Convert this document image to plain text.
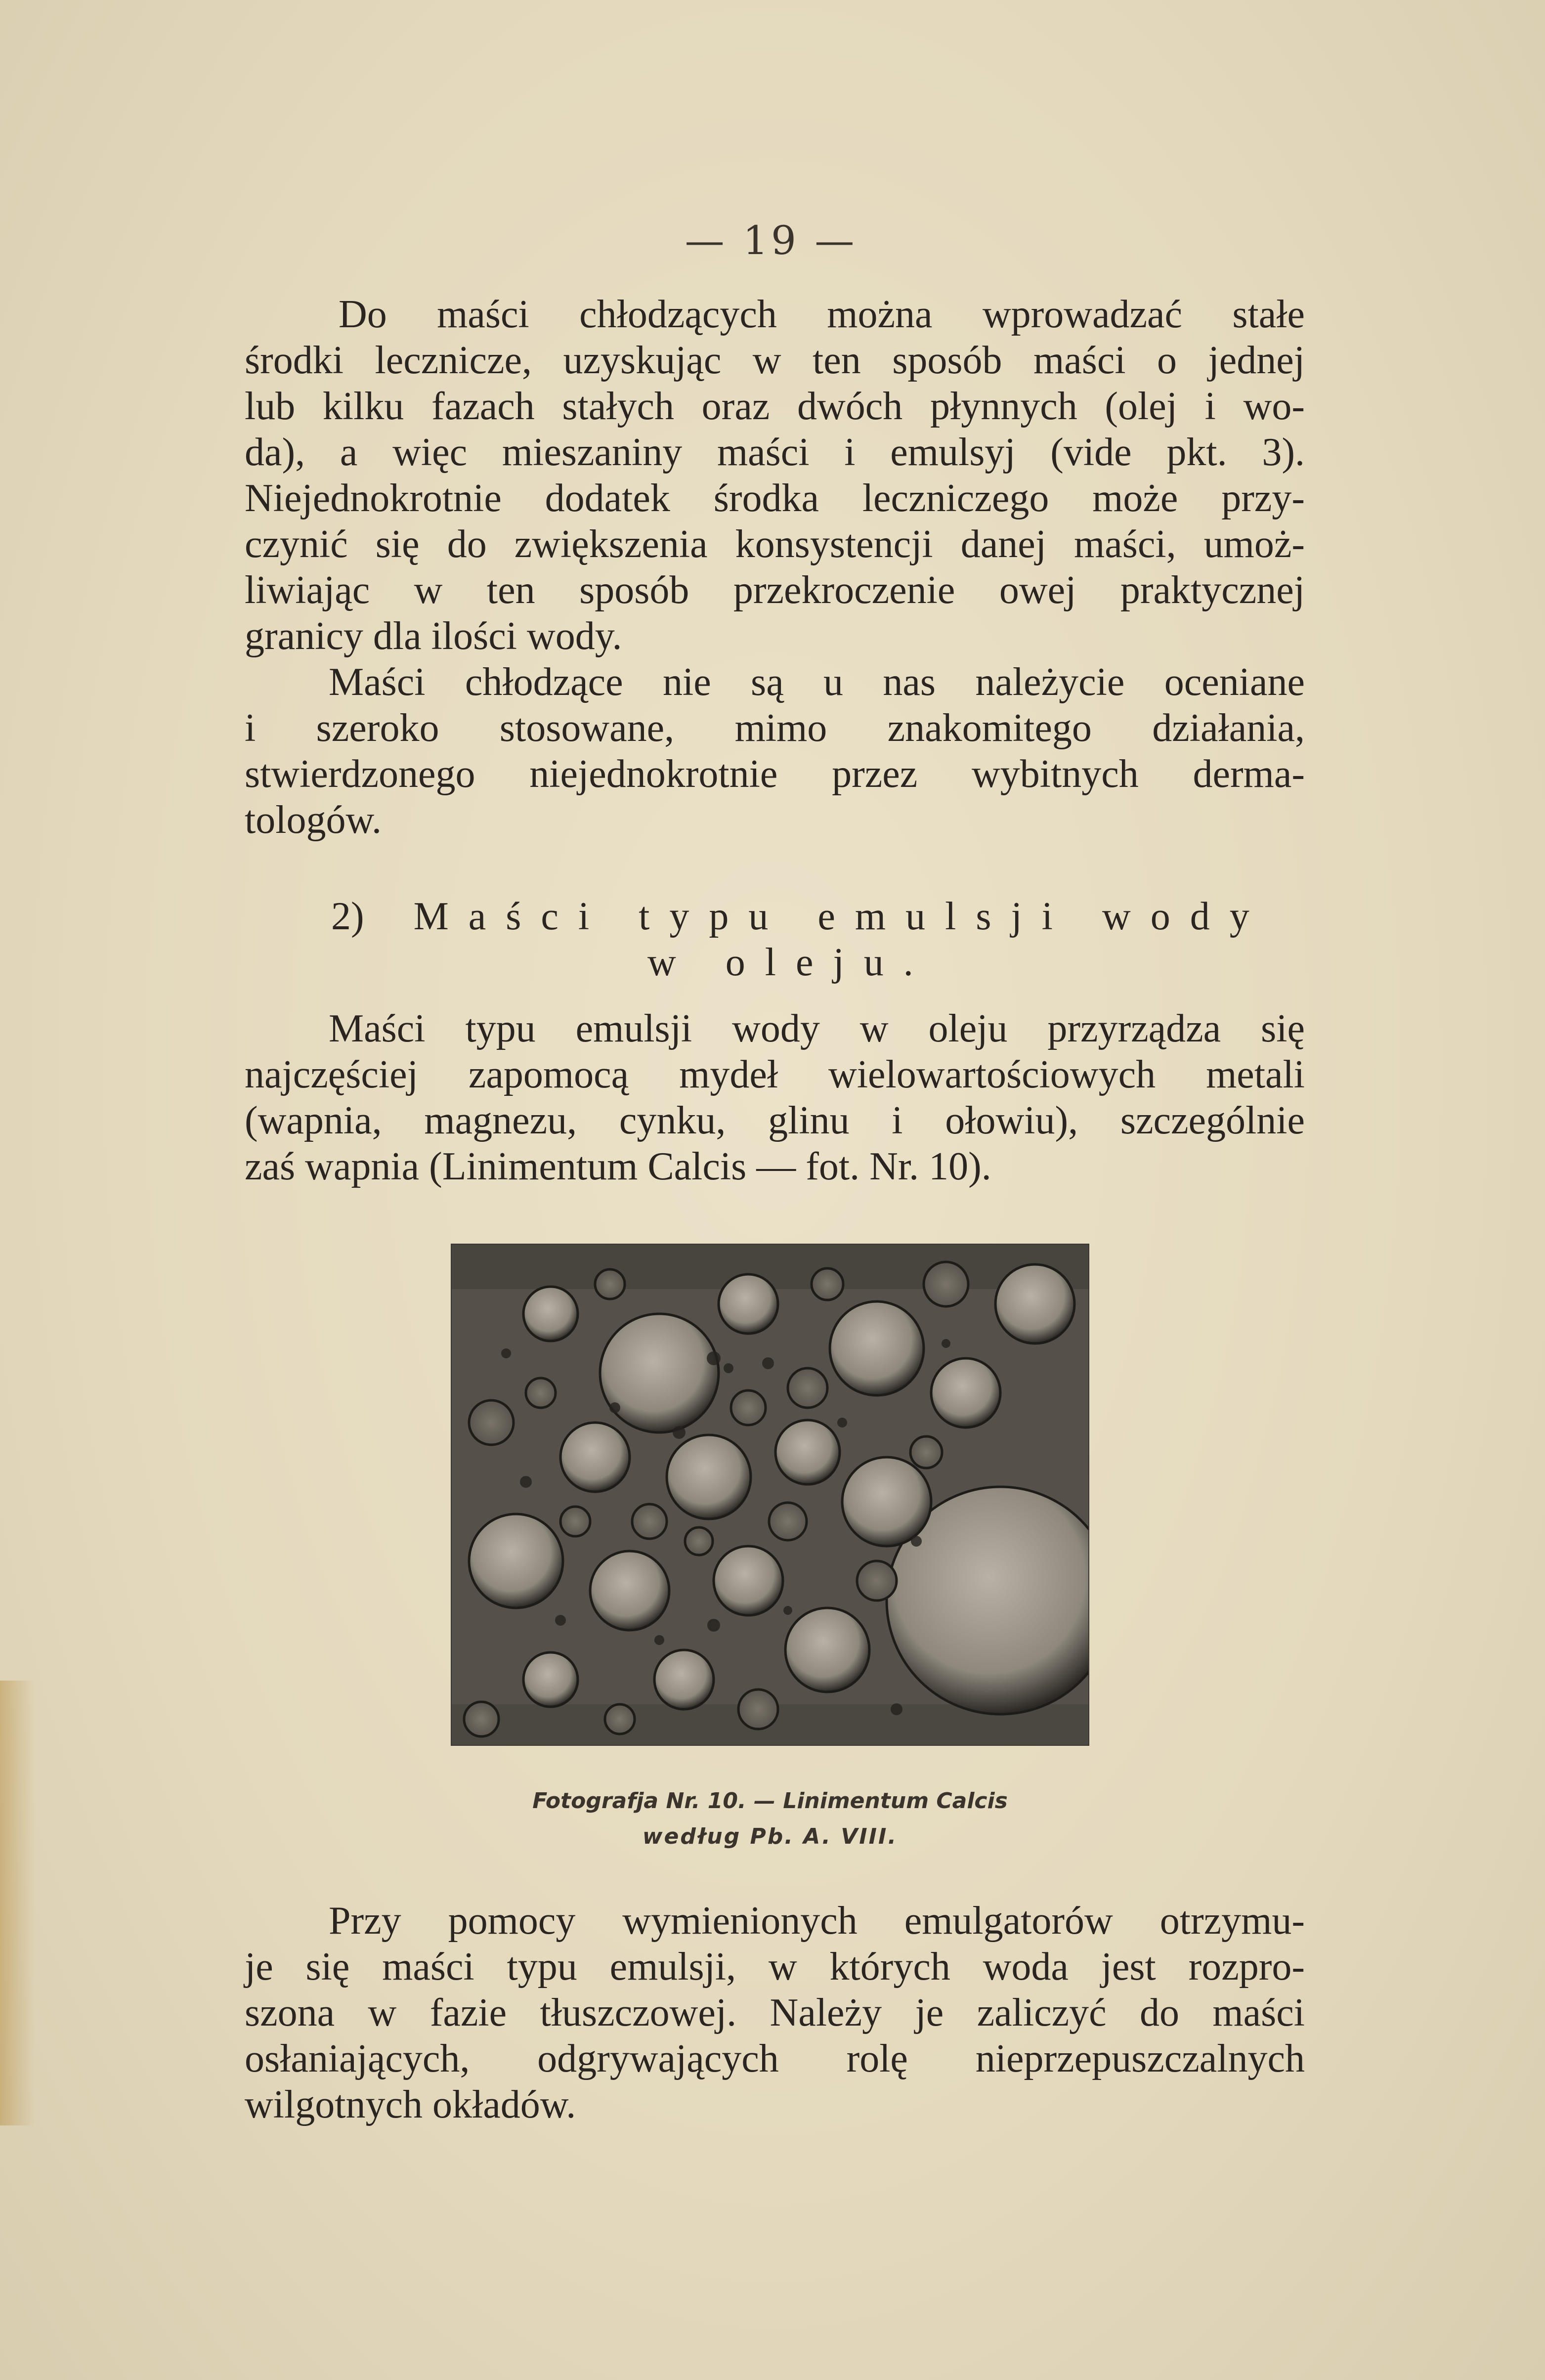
— 19 —
Do maści chłodzących można wprowadzać stałe
środki lecznicze, uzyskując w ten sposób maści o jednej
lub kilku fazach stałych oraz dwóch płynnych (olej i wo-
da), a więc mieszaniny maści i emulsyj (vide pkt. 3).
Niejednokrotnie dodatek środka leczniczego może przy-
czynić się do zwiększenia konsystencji danej maści, umoż-
liwiając w ten sposób przekroczenie owej praktycznej
granicy dla ilości wody.
Maści chłodzące nie są u nas należycie oceniane
i szeroko stosowane, mimo znakomitego działania,
stwierdzonego niejednokrotnie przez wybitnych derma-
tologów.
2) Maści typu emulsji wody
w oleju.
Maści typu emulsji wody w oleju przyrządza się
najczęściej zapomocą mydeł wielowartościowych metali
(wapnia, magnezu, cynku, glinu i ołowiu), szczególnie
zaś wapnia (Linimentum Calcis — fot. Nr. 10).
Fotografja Nr. 10. — Linimentum Calcis
według Pb. A. VIII.
Przy pomocy wymienionych emulgatorów otrzymu-
je się maści typu emulsji, w których woda jest rozpro-
szona w fazie tłuszczowej. Należy je zaliczyć do maści
osłaniających, odgrywających rolę nieprzepuszczalnych
wilgotnych okładów.
